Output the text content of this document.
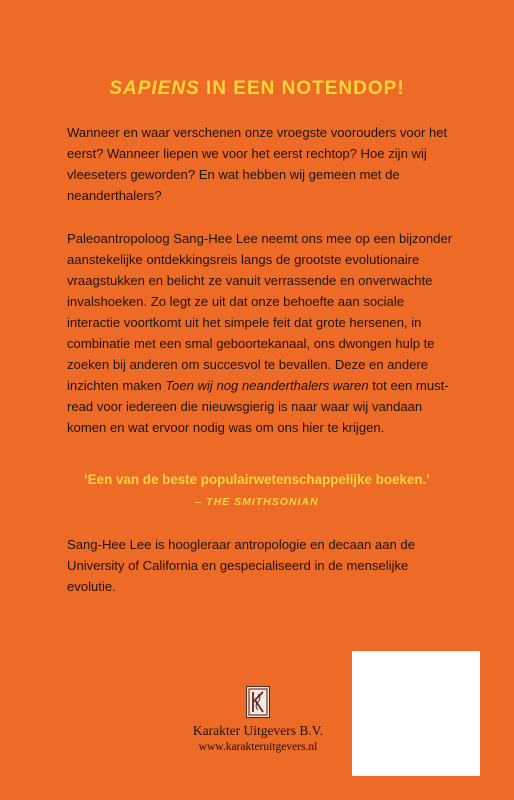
SAPIENS IN EEN NOTENDOP!

Wanneer en waar verschenen onze vroegste voorouders voor het eerst? Wanneer liepen we voor het eerst rechtop? Hoe zijn wij vleeseters geworden? En wat hebben wij gemeen met de neanderthalers?

Paleoantropoloog Sang-Hee Lee neemt ons mee op een bijzonder aanstekelijke ontdekkingsreis langs de grootste evolutionaire vraagstukken en belicht ze vanuit verrassende en onverwachte invalshoeken. Zo legt ze uit dat onze behoefte aan sociale interactie voortkomt uit het simpele feit dat grote hersenen, in combinatie met een smal geboortekanaal, ons dwongen hulp te zoeken bij anderen om succesvol te bevallen. Deze en andere inzichten maken Toen wij nog neanderthalers waren tot een must-read voor iedereen die nieuwsgierig is naar waar wij vandaan komen en wat ervoor nodig was om ons hier te krijgen.

‘Een van de beste populairwetenschappelijke boeken.’
– THE SMITHSONIAN

Sang-Hee Lee is hoogleraar antropologie en decaan aan de University of California en gespecialiseerd in de menselijke evolutie.

Karakter Uitgevers B.V.
www.karakteruitgevers.nl
